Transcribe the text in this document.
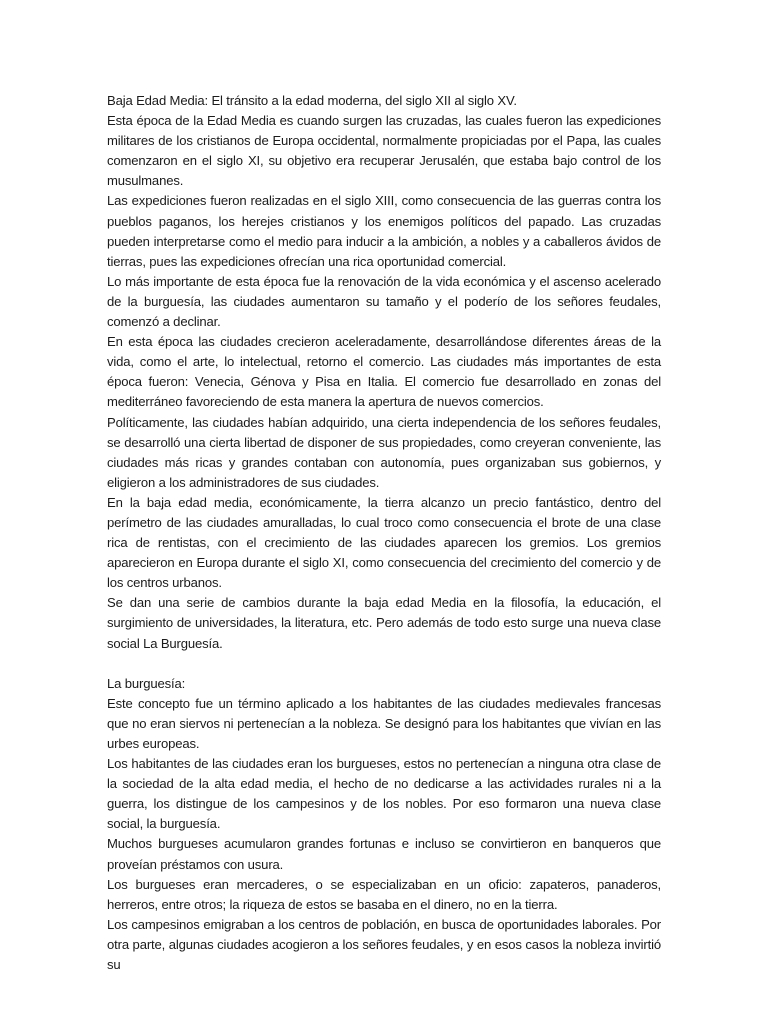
Baja Edad Media: El tránsito a la edad moderna, del siglo XII al siglo XV.

Esta época de la Edad Media es cuando surgen las cruzadas, las cuales fueron las expediciones militares de los cristianos de Europa occidental, normalmente propiciadas por el Papa, las cuales comenzaron en el siglo XI, su objetivo era recuperar Jerusalén, que estaba bajo control de los musulmanes.

Las expediciones fueron realizadas en el siglo XIII, como consecuencia de las guerras contra los pueblos paganos, los herejes cristianos y los enemigos políticos del papado. Las cruzadas pueden interpretarse como el medio para inducir a la ambición, a nobles y a caballeros ávidos de tierras, pues las expediciones ofrecían una rica oportunidad comercial.

Lo más importante de esta época fue la renovación de la vida económica y el ascenso acelerado de la burguesía, las ciudades aumentaron su tamaño y el poderío de los señores feudales, comenzó a declinar.

En esta época las ciudades crecieron aceleradamente, desarrollándose diferentes áreas de la vida, como el arte, lo intelectual, retorno el comercio. Las ciudades más importantes de esta época fueron: Venecia, Génova y Pisa en Italia. El comercio fue desarrollado en zonas del mediterráneo favoreciendo de esta manera la apertura de nuevos comercios.

Políticamente, las ciudades habían adquirido, una cierta independencia de los señores feudales, se desarrolló una cierta libertad de disponer de sus propiedades, como creyeran conveniente, las ciudades más ricas y grandes contaban con autonomía, pues organizaban sus gobiernos, y eligieron a los administradores de sus ciudades.

En la baja edad media, económicamente, la tierra alcanzo un precio fantástico, dentro del perímetro de las ciudades amuralladas, lo cual troco como consecuencia el brote de una clase rica de rentistas, con el crecimiento de las ciudades aparecen los gremios. Los gremios aparecieron en Europa durante el siglo XI, como consecuencia del crecimiento del comercio y de los centros urbanos.

Se dan una serie de cambios durante la baja edad Media en la filosofía, la educación, el surgimiento de universidades, la literatura, etc. Pero además de todo esto surge una nueva clase social La Burguesía.

La burguesía:

Este concepto fue un término aplicado a los habitantes de las ciudades medievales francesas que no eran siervos ni pertenecían a la nobleza. Se designó para los habitantes que vivían en las urbes europeas.

Los habitantes de las ciudades eran los burgueses, estos no pertenecían a ninguna otra clase de la sociedad de la alta edad media, el hecho de no dedicarse a las actividades rurales ni a la guerra, los distingue de los campesinos y de los nobles. Por eso formaron una nueva clase social, la burguesía.

Muchos burgueses acumularon grandes fortunas e incluso se convirtieron en banqueros que proveían préstamos con usura.

Los burgueses eran mercaderes, o se especializaban en un oficio: zapateros, panaderos, herreros, entre otros; la riqueza de estos se basaba en el dinero, no en la tierra.

Los campesinos emigraban a los centros de población, en busca de oportunidades laborales. Por otra parte, algunas ciudades acogieron a los señores feudales, y en esos casos la nobleza invirtió su
